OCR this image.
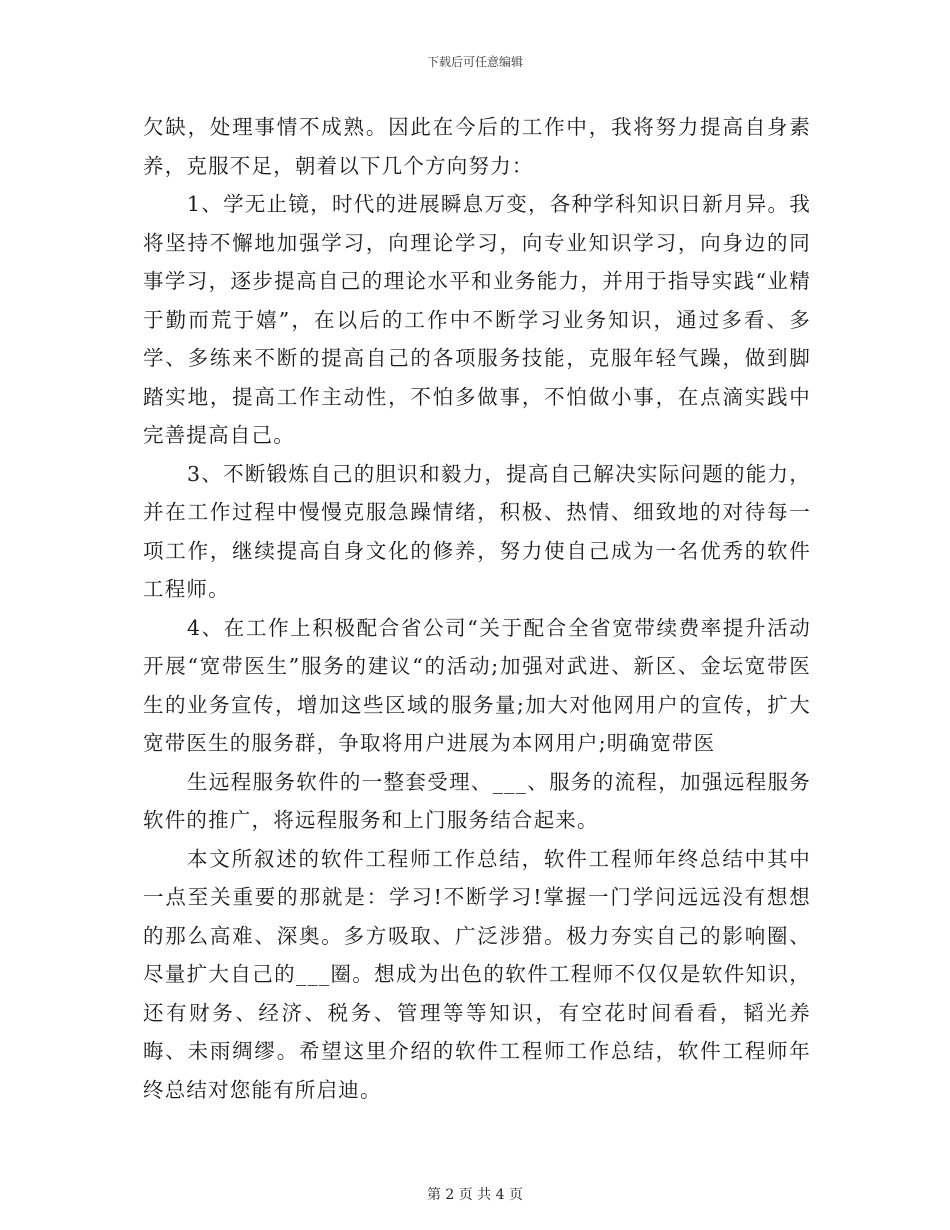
下载后可任意编辑

欠缺，处理事情不成熟。因此在今后的工作中，我将努力提高自身素养，克服不足，朝着以下几个方向努力：

1、学无止镜，时代的进展瞬息万变，各种学科知识日新月异。我将坚持不懈地加强学习，向理论学习，向专业知识学习，向身边的同事学习，逐步提高自己的理论水平和业务能力，并用于指导实践“业精于勤而荒于嬉”，在以后的工作中不断学习业务知识，通过多看、多学、多练来不断的提高自己的各项服务技能，克服年轻气躁，做到脚踏实地，提高工作主动性，不怕多做事，不怕做小事，在点滴实践中完善提高自己。

3、不断锻炼自己的胆识和毅力，提高自己解决实际问题的能力，并在工作过程中慢慢克服急躁情绪，积极、热情、细致地的对待每一项工作，继续提高自身文化的修养，努力使自己成为一名优秀的软件工程师。

4、在工作上积极配合省公司“关于配合全省宽带续费率提升活动开展“宽带医生”服务的建议“的活动;加强对武进、新区、金坛宽带医生的业务宣传，增加这些区域的服务量;加大对他网用户的宣传，扩大宽带医生的服务群，争取将用户进展为本网用户;明确宽带医

生远程服务软件的一整套受理、___、服务的流程，加强远程服务软件的推广，将远程服务和上门服务结合起来。

本文所叙述的软件工程师工作总结，软件工程师年终总结中其中一点至关重要的那就是：学习!不断学习!掌握一门学问远远没有想想的那么高难、深奥。多方吸取、广泛涉猎。极力夯实自己的影响圈、尽量扩大自己的___圈。想成为出色的软件工程师不仅仅是软件知识，还有财务、经济、税务、管理等等知识，有空花时间看看，韬光养晦、未雨绸缪。希望这里介绍的软件工程师工作总结，软件工程师年终总结对您能有所启迪。

第 2 页 共 4 页
